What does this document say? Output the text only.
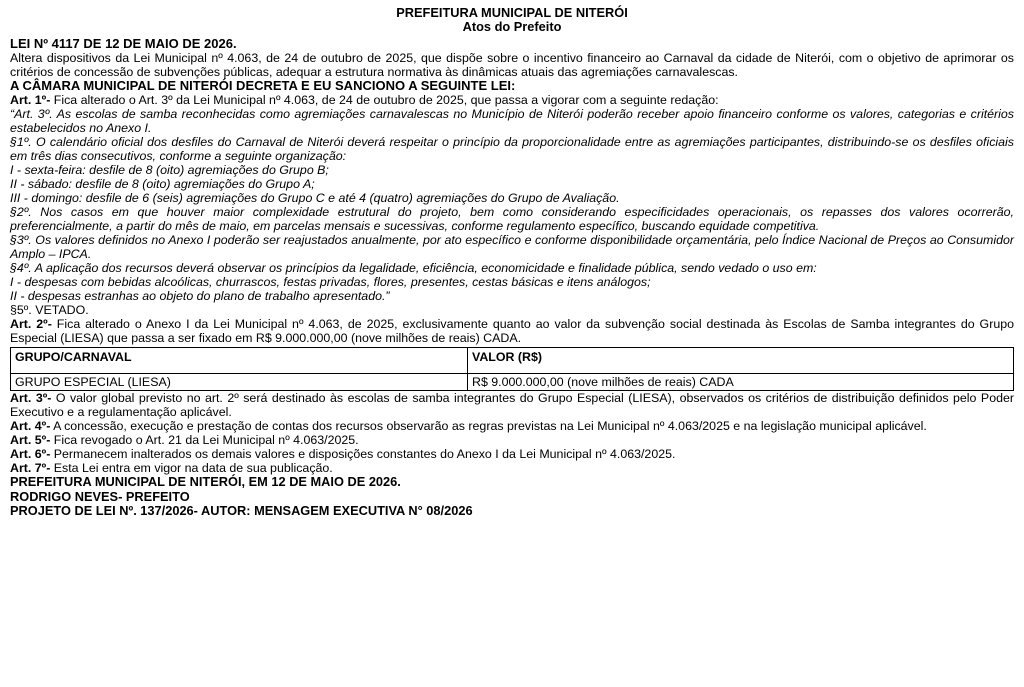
PREFEITURA MUNICIPAL DE NITERÓI

Atos do Prefeito

LEI Nº 4117 DE 12 DE MAIO DE 2026.

Altera dispositivos da Lei Municipal nº 4.063, de 24 de outubro de 2025, que dispõe sobre o incentivo financeiro ao Carnaval da cidade de Niterói, com o objetivo de aprimorar os critérios de concessão de subvenções públicas, adequar a estrutura normativa às dinâmicas atuais das agremiações carnavalescas.

A CÂMARA MUNICIPAL DE NITERÓI DECRETA E EU SANCIONO A SEGUINTE LEI:

Art. 1º- Fica alterado o Art. 3º da Lei Municipal nº 4.063, de 24 de outubro de 2025, que passa a vigorar com a seguinte redação:

“Art. 3º. As escolas de samba reconhecidas como agremiações carnavalescas no Município de Niterói poderão receber apoio financeiro conforme os valores, categorias e critérios estabelecidos no Anexo I.

§1º. O calendário oficial dos desfiles do Carnaval de Niterói deverá respeitar o princípio da proporcionalidade entre as agremiações participantes, distribuindo-se os desfiles oficiais em três dias consecutivos, conforme a seguinte organização:

I - sexta-feira: desfile de 8 (oito) agremiações do Grupo B;

II - sábado: desfile de 8 (oito) agremiações do Grupo A;

III - domingo: desfile de 6 (seis) agremiações do Grupo C e até 4 (quatro) agremiações do Grupo de Avaliação.

§2º. Nos casos em que houver maior complexidade estrutural do projeto, bem como considerando especificidades operacionais, os repasses dos valores ocorrerão, preferencialmente, a partir do mês de maio, em parcelas mensais e sucessivas, conforme regulamento específico, buscando equidade competitiva.

§3º. Os valores definidos no Anexo I poderão ser reajustados anualmente, por ato específico e conforme disponibilidade orçamentária, pelo Índice Nacional de Preços ao Consumidor Amplo – IPCA.

§4º. A aplicação dos recursos deverá observar os princípios da legalidade, eficiência, economicidade e finalidade pública, sendo vedado o uso em:

I - despesas com bebidas alcoólicas, churrascos, festas privadas, flores, presentes, cestas básicas e itens análogos;

II - despesas estranhas ao objeto do plano de trabalho apresentado.”

§5º. VETADO.

Art. 2º- Fica alterado o Anexo I da Lei Municipal nº 4.063, de 2025, exclusivamente quanto ao valor da subvenção social destinada às Escolas de Samba integrantes do Grupo Especial (LIESA) que passa a ser fixado em R$ 9.000.000,00 (nove milhões de reais) CADA.

GRUPO/CARNAVAL	VALOR (R$)
GRUPO ESPECIAL (LIESA)	R$ 9.000.000,00 (nove milhões de reais) CADA

Art. 3º- O valor global previsto no art. 2º será destinado às escolas de samba integrantes do Grupo Especial (LIESA), observados os critérios de distribuição definidos pelo Poder Executivo e a regulamentação aplicável.

Art. 4º- A concessão, execução e prestação de contas dos recursos observarão as regras previstas na Lei Municipal nº 4.063/2025 e na legislação municipal aplicável.

Art. 5º- Fica revogado o Art. 21 da Lei Municipal nº 4.063/2025.

Art. 6º- Permanecem inalterados os demais valores e disposições constantes do Anexo I da Lei Municipal nº 4.063/2025.

Art. 7º- Esta Lei entra em vigor na data de sua publicação.

PREFEITURA MUNICIPAL DE NITERÓI, EM 12 DE MAIO DE 2026.

RODRIGO NEVES- PREFEITO

PROJETO DE LEI Nº. 137/2026- AUTOR: MENSAGEM EXECUTIVA N° 08/2026
